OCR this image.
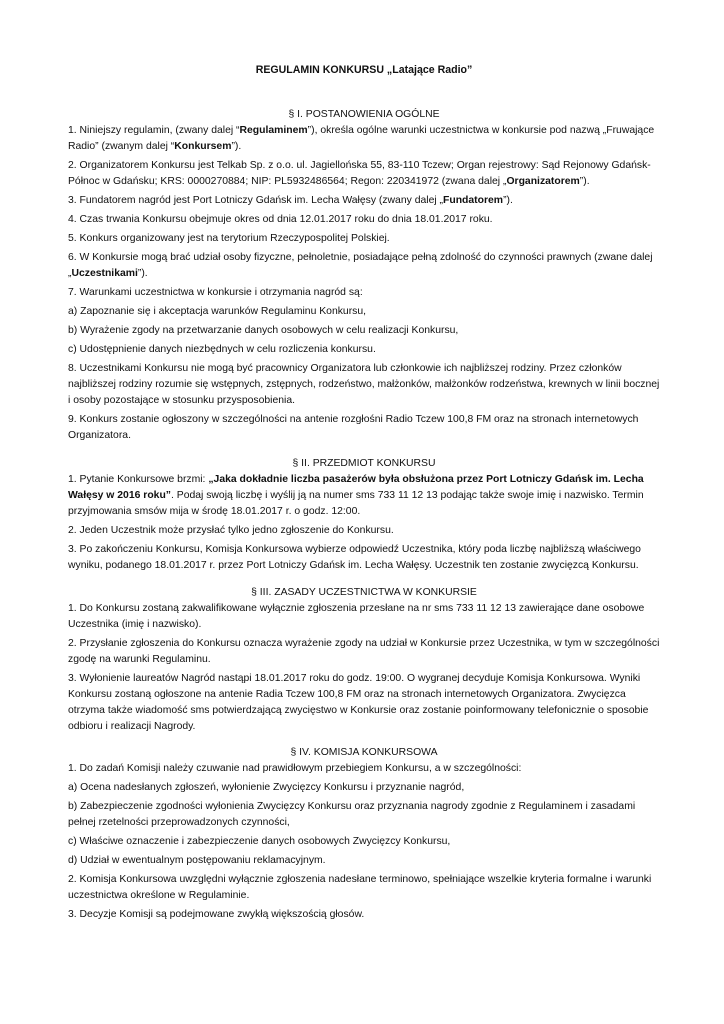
REGULAMIN KONKURSU „Latające Radio”
§ I. POSTANOWIENIA OGÓLNE

1. Niniejszy regulamin, (zwany dalej “Regulaminem”), określa ogólne warunki uczestnictwa w konkursie pod nazwą „Fruwające Radio” (zwanym dalej “Konkursem”).

2. Organizatorem Konkursu jest Telkab Sp. z o.o. ul. Jagiellońska 55, 83-110 Tczew; Organ rejestrowy: Sąd Rejonowy Gdańsk-Północ w Gdańsku; KRS: 0000270884; NIP: PL5932486564; Regon: 220341972 (zwana dalej „Organizatorem”).

3. Fundatorem nagród jest Port Lotniczy Gdańsk im. Lecha Wałęsy (zwany dalej „Fundatorem”).

4. Czas trwania Konkursu obejmuje okres od dnia 12.01.2017 roku do dnia 18.01.2017 roku.

5. Konkurs organizowany jest na terytorium Rzeczypospolitej Polskiej.

6. W Konkursie mogą brać udział osoby fizyczne, pełnoletnie, posiadające pełną zdolność do czynności prawnych (zwane dalej „Uczestnikami”).

7. Warunkami uczestnictwa w konkursie i otrzymania nagród są:

a) Zapoznanie się i akceptacja warunków Regulaminu Konkursu,

b) Wyrażenie zgody na przetwarzanie danych osobowych w celu realizacji Konkursu,

c) Udostępnienie danych niezbędnych w celu rozliczenia konkursu.

8. Uczestnikami Konkursu nie mogą być pracownicy Organizatora lub członkowie ich najbliższej rodziny. Przez członków najbliższej rodziny rozumie się wstępnych, zstępnych, rodzeństwo, małżonków, małżonków rodzeństwa, krewnych w linii bocznej i osoby pozostające w stosunku przysposobienia.

9. Konkurs zostanie ogłoszony w szczególności na antenie rozgłośni Radio Tczew 100,8 FM oraz na stronach internetowych Organizatora.

§ II. PRZEDMIOT KONKURSU

1. Pytanie Konkursowe brzmi: „Jaka dokładnie liczba pasażerów była obsłużona przez Port Lotniczy Gdańsk im. Lecha Wałęsy w 2016 roku”. Podaj swoją liczbę i wyślij ją na numer sms 733 11 12 13 podając także swoje imię i nazwisko. Termin przyjmowania smsów mija w środę 18.01.2017 r. o godz. 12:00.

2. Jeden Uczestnik może przysłać tylko jedno zgłoszenie do Konkursu.

3. Po zakończeniu Konkursu, Komisja Konkursowa wybierze odpowiedź Uczestnika, który poda liczbę najbliższą właściwego wyniku, podanego 18.01.2017 r. przez Port Lotniczy Gdańsk im. Lecha Wałęsy. Uczestnik ten zostanie zwycięzcą Konkursu.

§ III. ZASADY UCZESTNICTWA W KONKURSIE

1. Do Konkursu zostaną zakwalifikowane wyłącznie zgłoszenia przesłane na nr sms 733 11 12 13 zawierające dane osobowe Uczestnika (imię i nazwisko).

2. Przysłanie zgłoszenia do Konkursu oznacza wyrażenie zgody na udział w Konkursie przez Uczestnika, w tym w szczególności zgodę na warunki Regulaminu.

3. Wyłonienie laureatów Nagród nastąpi 18.01.2017 roku do godz. 19:00. O wygranej decyduje Komisja Konkursowa. Wyniki Konkursu zostaną ogłoszone na antenie Radia Tczew 100,8 FM oraz na stronach internetowych Organizatora. Zwycięzca otrzyma także wiadomość sms potwierdzającą zwycięstwo w Konkursie oraz zostanie poinformowany telefonicznie o sposobie odbioru i realizacji Nagrody.

§ IV. KOMISJA KONKURSOWA

1. Do zadań Komisji należy czuwanie nad prawidłowym przebiegiem Konkursu, a w szczególności:

a) Ocena nadesłanych zgłoszeń, wyłonienie Zwycięzcy Konkursu i przyznanie nagród,

b) Zabezpieczenie zgodności wyłonienia Zwycięzcy Konkursu oraz przyznania nagrody zgodnie z Regulaminem i zasadami pełnej rzetelności przeprowadzonych czynności,

c) Właściwe oznaczenie i zabezpieczenie danych osobowych Zwycięzcy Konkursu,

d) Udział w ewentualnym postępowaniu reklamacyjnym.

2. Komisja Konkursowa uwzględni wyłącznie zgłoszenia nadesłane terminowo, spełniające wszelkie kryteria formalne i warunki uczestnictwa określone w Regulaminie.

3. Decyzje Komisji są podejmowane zwykłą większością głosów.
